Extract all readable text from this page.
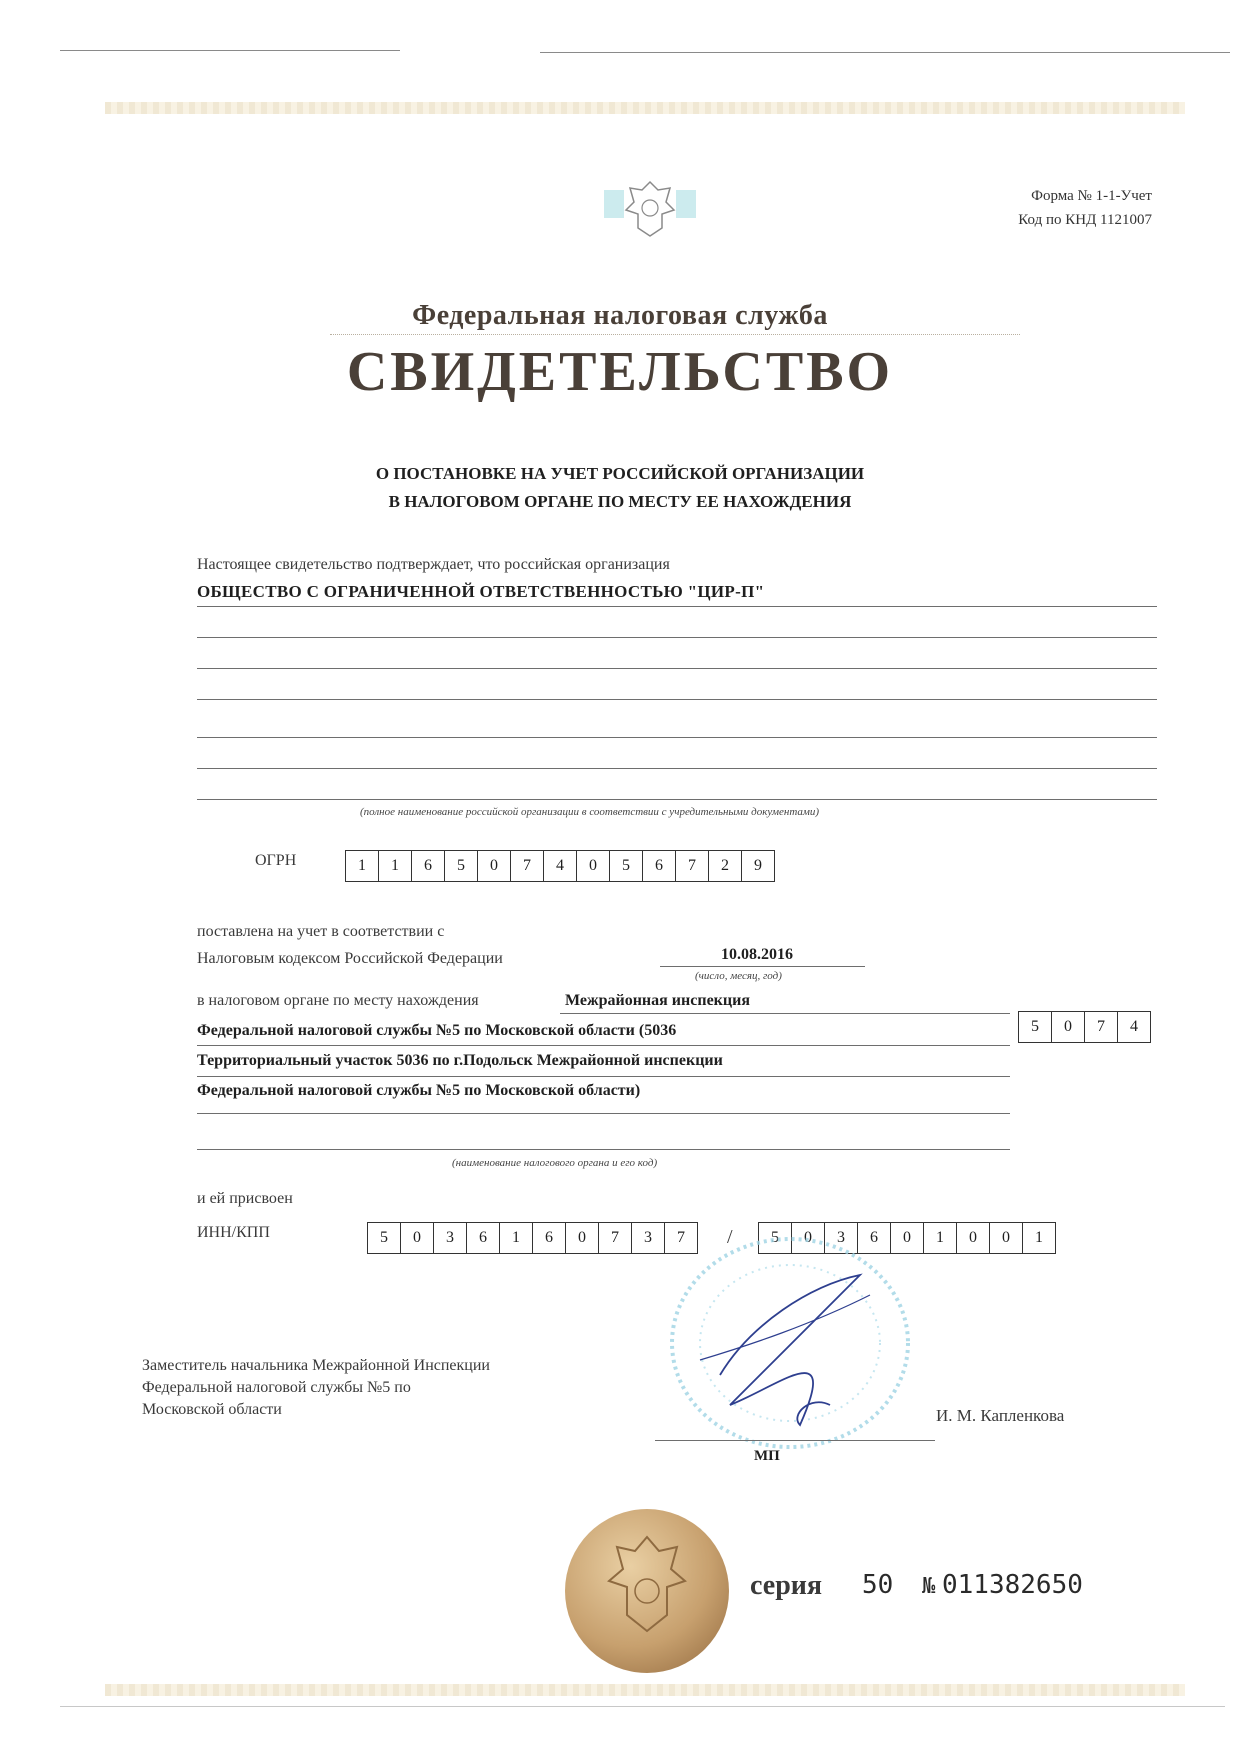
Форма № 1-1-Учет
Код по КНД 1121007
Федеральная налоговая служба
СВИДЕТЕЛЬСТВО
О ПОСТАНОВКЕ НА УЧЕТ РОССИЙСКОЙ ОРГАНИЗАЦИИ
В НАЛОГОВОМ ОРГАНЕ ПО МЕСТУ ЕЕ НАХОЖДЕНИЯ
Настоящее свидетельство подтверждает, что российская организация
ОБЩЕСТВО С ОГРАНИЧЕННОЙ ОТВЕТСТВЕННОСТЬЮ "ЦИР-П"
(полное наименование российской организации в соответствии с учредительными документами)
ОГРН	1	1	6	5	0	7	4	0	5	6	7	2	9
поставлена на учет в соответствии с
Налоговым кодексом Российской Федерации	10.08.2016
(число, месяц, год)
в налоговом органе по месту нахождения	Межрайонная инспекция
Федеральной налоговой службы №5 по Московской области (5036	5	0	7	4
Территориальный участок 5036 по г.Подольск Межрайонной инспекции
Федеральной налоговой службы №5 по Московской области)
(наименование налогового органа и его код)
и ей присвоен
ИНН/КПП	5	0	3	6	1	6	0	7	3	7	/	5	0	3	6	0	1	0	0	1
Заместитель начальника Межрайонной Инспекции
Федеральной налоговой службы №5 по
Московской области	И. М. Капленкова
МП
серия 50 № 011382650
